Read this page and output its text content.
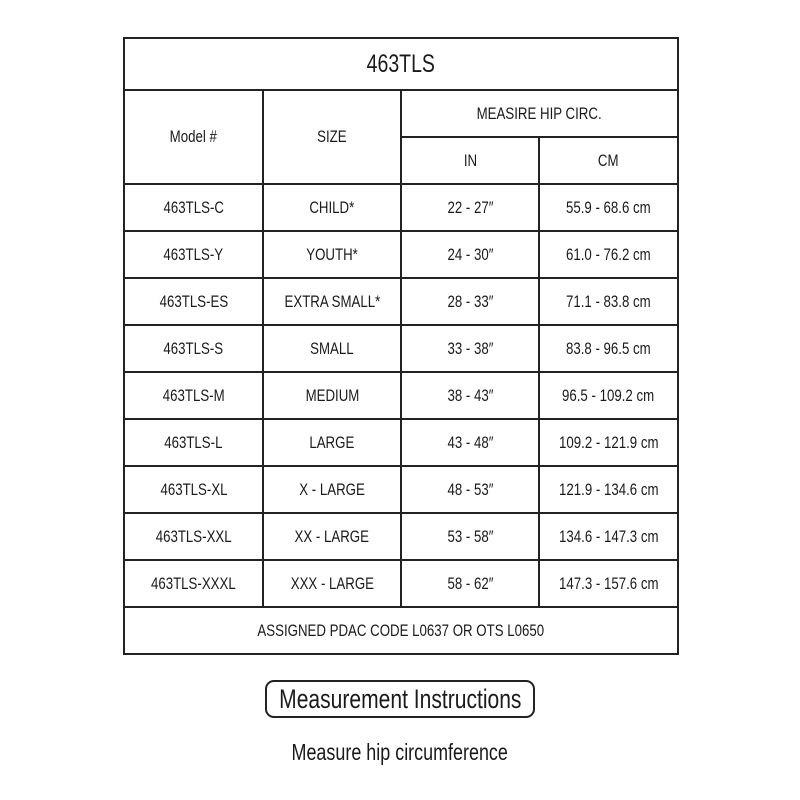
463TLS			
Model #	SIZE	MEASIRE HIP CIRC.	
		IN	CM
463TLS-C	CHILD*	22 - 27″	55.9 - 68.6 cm
463TLS-Y	YOUTH*	24 - 30″	61.0 - 76.2 cm
463TLS-ES	EXTRA SMALL*	28 - 33″	71.1 - 83.8 cm
463TLS-S	SMALL	33 - 38″	83.8 - 96.5 cm
463TLS-M	MEDIUM	38 - 43″	96.5 - 109.2 cm
463TLS-L	LARGE	43 - 48″	109.2 - 121.9 cm
463TLS-XL	X - LARGE	48 - 53″	121.9 - 134.6 cm
463TLS-XXL	XX - LARGE	53 - 58″	134.6 - 147.3 cm
463TLS-XXXL	XXX - LARGE	58 - 62″	147.3 - 157.6 cm
ASSIGNED PDAC CODE L0637 OR OTS L0650			
Measurement Instructions
Measure hip circumference
